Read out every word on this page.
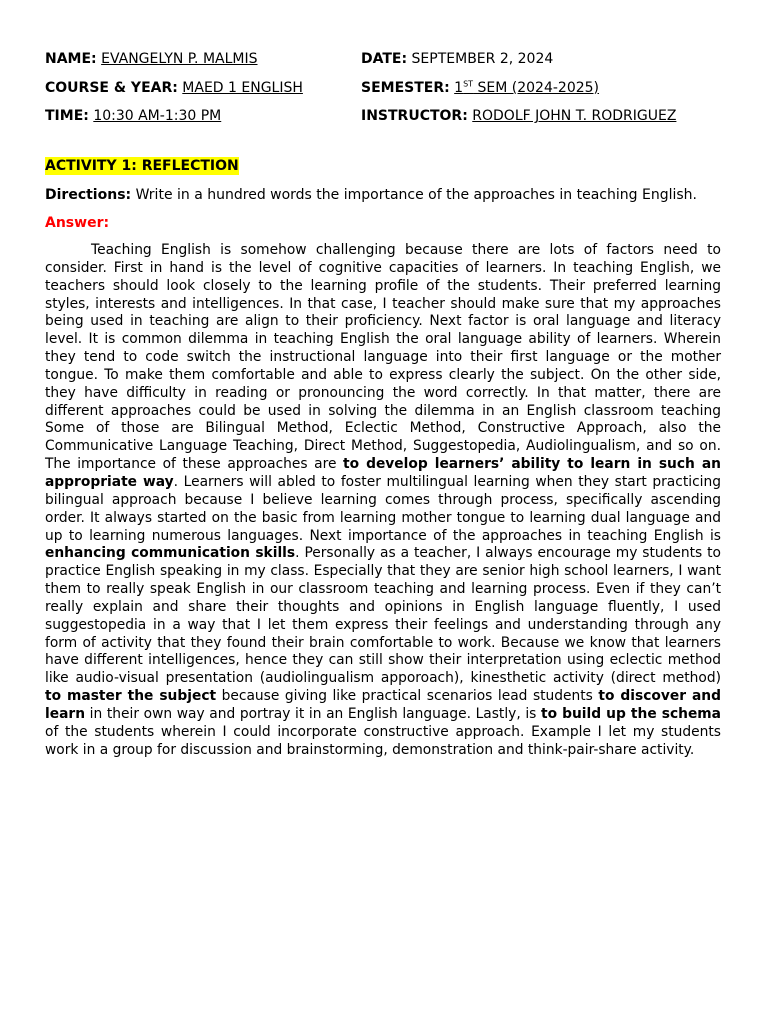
NAME: EVANGELYN P. MALMIS	DATE: SEPTEMBER 2, 2024
COURSE & YEAR: MAED 1 ENGLISH	SEMESTER: 1ST SEM (2024-2025)
TIME: 10:30 AM-1:30 PM	INSTRUCTOR: RODOLF JOHN T. RODRIGUEZ
ACTIVITY 1: REFLECTION
Directions: Write in a hundred words the importance of the approaches in teaching English.
Answer:

Teaching English is somehow challenging because there are lots of factors need to consider. First in hand is the level of cognitive capacities of learners. In teaching English, we teachers should look closely to the learning profile of the students. Their preferred learning styles, interests and intelligences. In that case, I teacher should make sure that my approaches being used in teaching are align to their proficiency. Next factor is oral language and literacy level. It is common dilemma in teaching English the oral language ability of learners. Wherein they tend to code switch the instructional language into their first language or the mother tongue. To make them comfortable and able to express clearly the subject. On the other side, they have difficulty in reading or pronouncing the word correctly. In that matter, there are different approaches could be used in solving the dilemma in an English classroom teaching Some of those are Bilingual Method, Eclectic Method, Constructive Approach, also the Communicative Language Teaching, Direct Method, Suggestopedia, Audiolingualism, and so on. The importance of these approaches are to develop learners’ ability to learn in such an appropriate way. Learners will abled to foster multilingual learning when they start practicing bilingual approach because I believe learning comes through process, specifically ascending order. It always started on the basic from learning mother tongue to learning dual language and up to learning numerous languages. Next importance of the approaches in teaching English is enhancing communication skills. Personally as a teacher, I always encourage my students to practice English speaking in my class. Especially that they are senior high school learners, I want them to really speak English in our classroom teaching and learning process. Even if they can’t really explain and share their thoughts and opinions in English language fluently, I used suggestopedia in a way that I let them express their feelings and understanding through any form of activity that they found their brain comfortable to work. Because we know that learners have different intelligences, hence they can still show their interpretation using eclectic method like audio-visual presentation (audiolingualism apporoach), kinesthetic activity (direct method) to master the subject because giving like practical scenarios lead students to discover and learn in their own way and portray it in an English language. Lastly, is to build up the schema of the students wherein I could incorporate constructive approach. Example I let my students work in a group for discussion and brainstorming, demonstration and think-pair-share activity.
